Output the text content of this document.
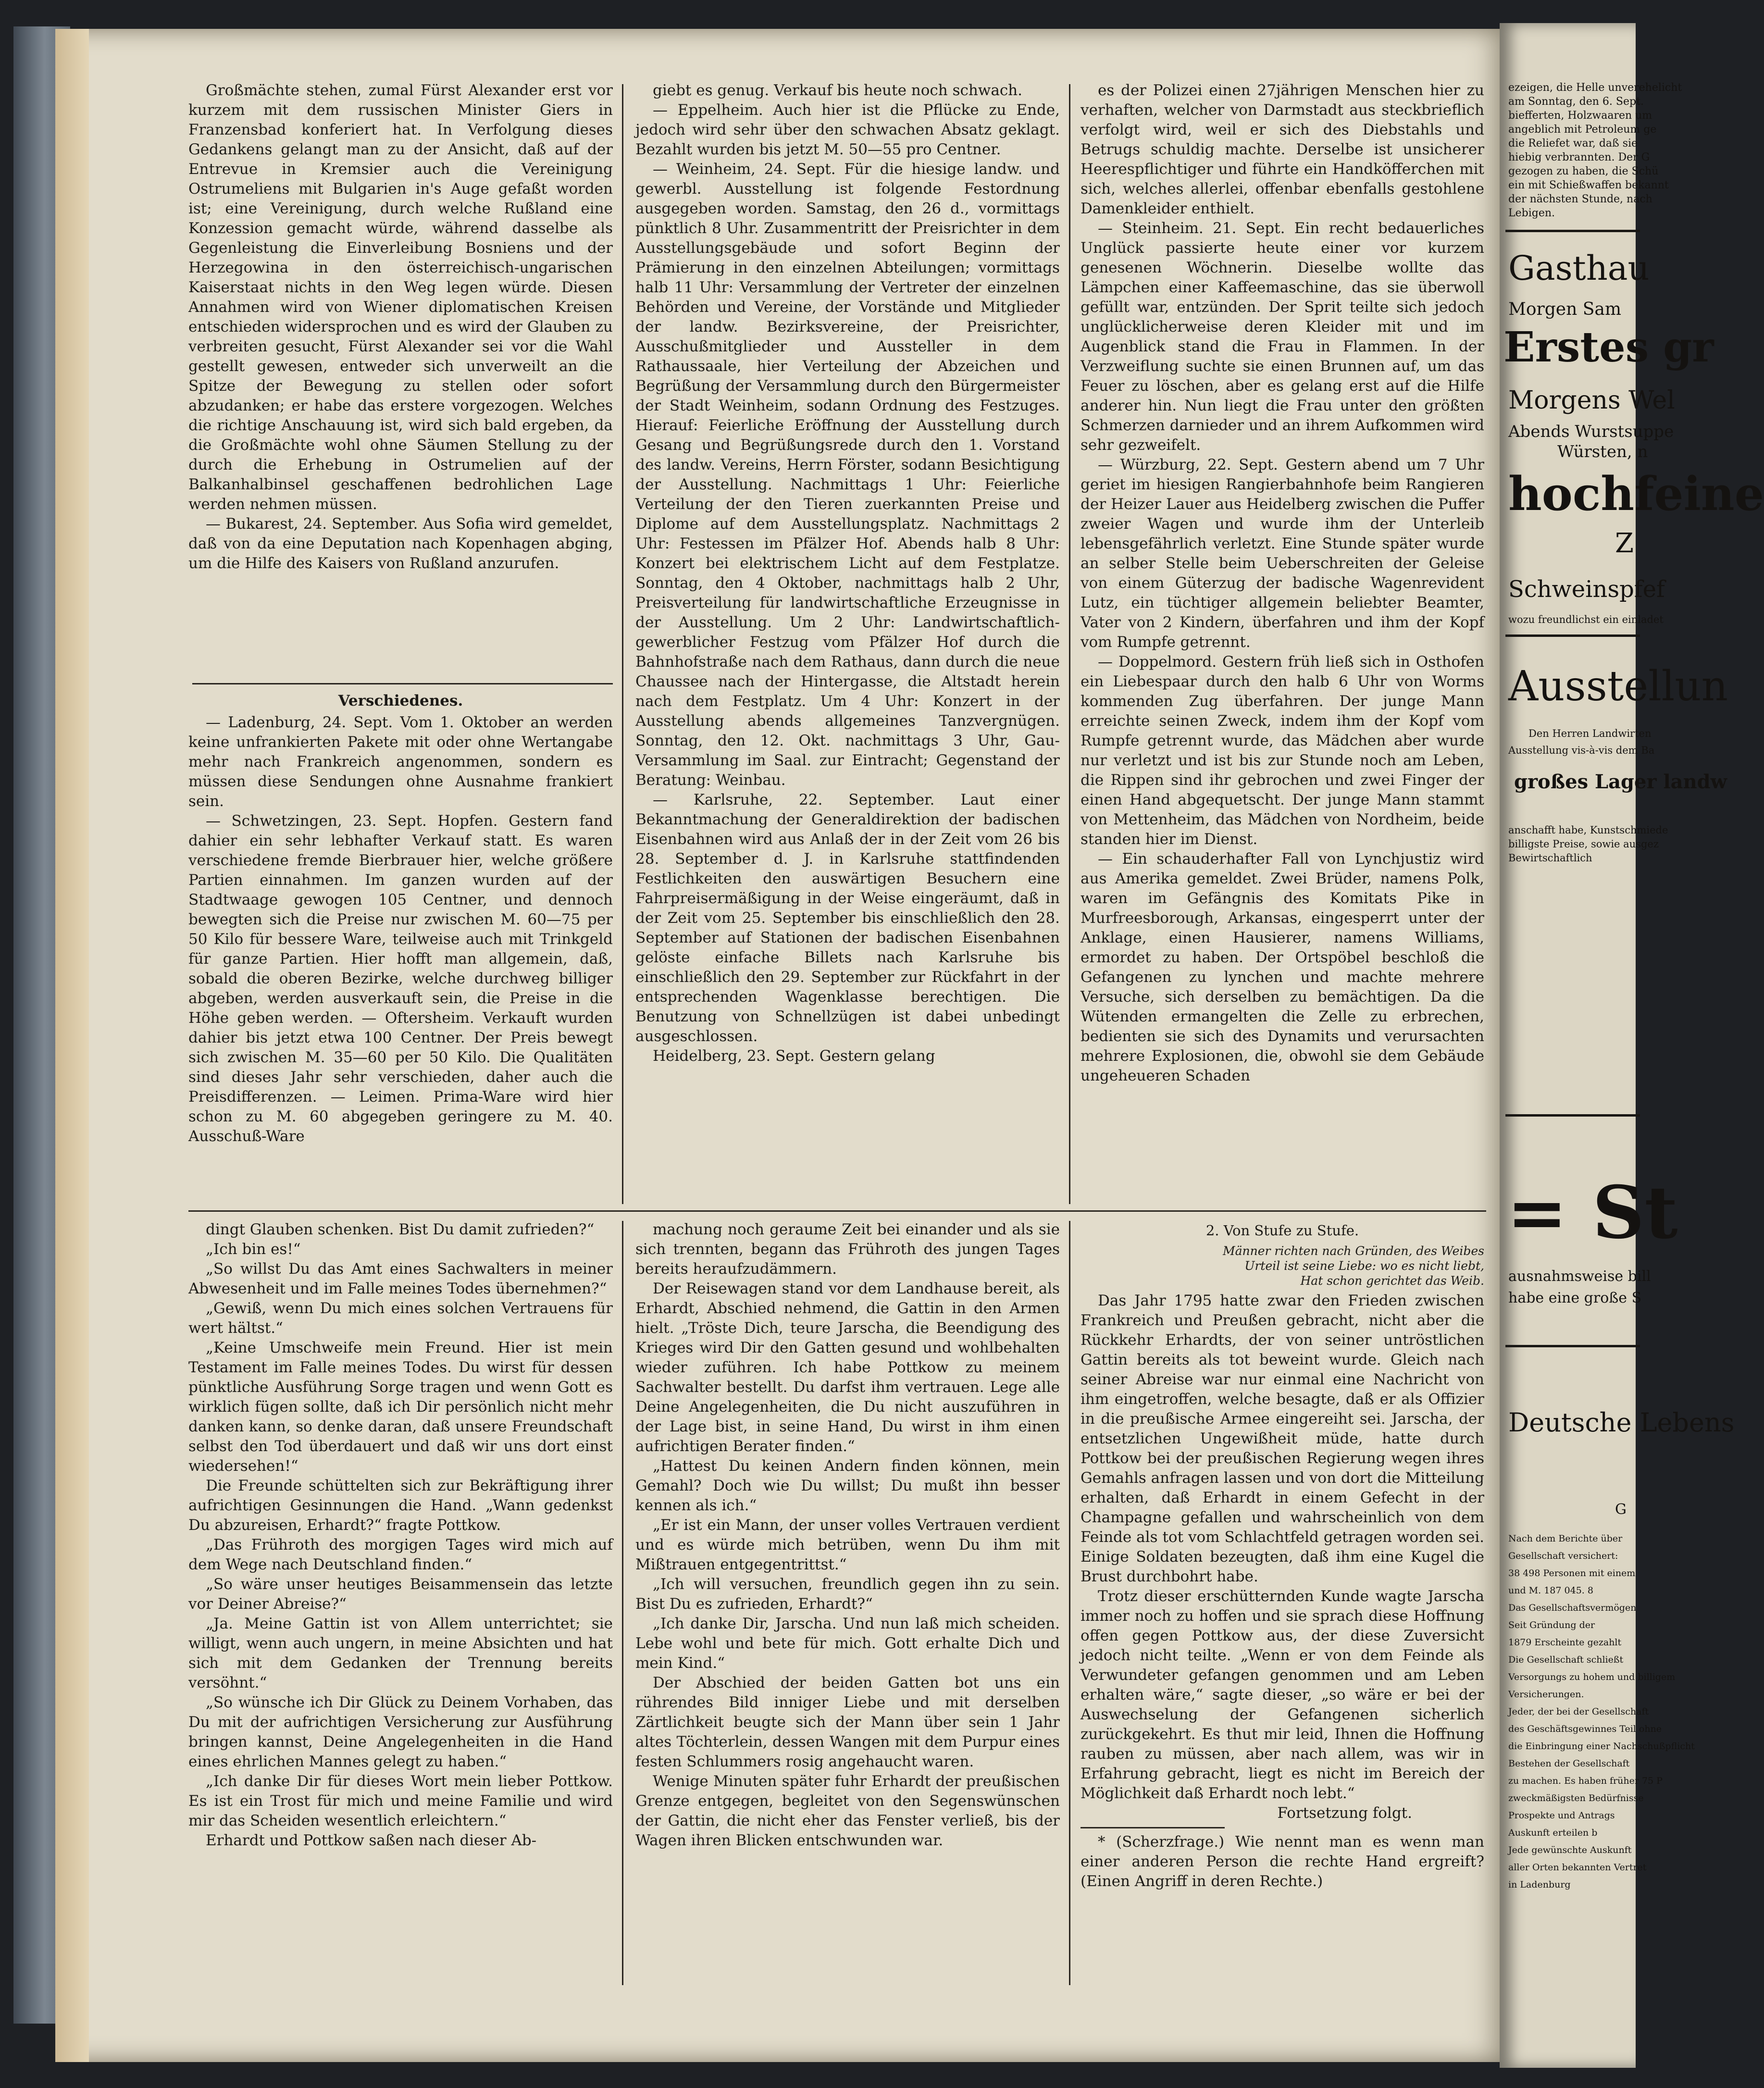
Großmächte stehen, zumal Fürst Alexander erst vor kurzem mit dem russischen Minister Giers in Franzensbad konferiert hat. In Verfolgung dieses Gedankens gelangt man zu der Ansicht, daß auf der Entrevue in Kremsier auch die Vereinigung Ostrumeliens mit Bulgarien in's Auge gefaßt worden ist; eine Vereinigung, durch welche Rußland eine Konzession gemacht würde, während dasselbe als Gegenleistung die Einverleibung Bosniens und der Herzegowina in den österreichisch-ungarischen Kaiserstaat nichts in den Weg legen würde. Diesen Annahmen wird von Wiener diplomatischen Kreisen entschieden widersprochen und es wird der Glauben zu verbreiten gesucht, Fürst Alexander sei vor die Wahl gestellt gewesen, entweder sich unverweilt an die Spitze der Bewegung zu stellen oder sofort abzudanken; er habe das erstere vorgezogen. Welches die richtige Anschauung ist, wird sich bald ergeben, da die Großmächte wohl ohne Säumen Stellung zu der durch die Erhebung in Ostrumelien auf der Balkanhalbinsel geschaffenen bedrohlichen Lage werden nehmen müssen.

— Bukarest, 24. September. Aus Sofia wird gemeldet, daß von da eine Deputation nach Kopenhagen abging, um die Hilfe des Kaisers von Rußland anzurufen.

Verschiedenes.

— Ladenburg, 24. Sept. Vom 1. Oktober an werden keine unfrankierten Pakete mit oder ohne Wertangabe mehr nach Frankreich angenommen, sondern es müssen diese Sendungen ohne Ausnahme frankiert sein.

— Schwetzingen, 23. Sept. Hopfen. Gestern fand dahier ein sehr lebhafter Verkauf statt. Es waren verschiedene fremde Bierbrauer hier, welche größere Partien einnahmen. Im ganzen wurden auf der Stadtwaage gewogen 105 Centner, und dennoch bewegten sich die Preise nur zwischen M. 60—75 per 50 Kilo für bessere Ware, teilweise auch mit Trinkgeld für ganze Partien. Hier hofft man allgemein, daß, sobald die oberen Bezirke, welche durchweg billiger abgeben, werden ausverkauft sein, die Preise in die Höhe geben werden. — Oftersheim. Verkauft wurden dahier bis jetzt etwa 100 Centner. Der Preis bewegt sich zwischen M. 35—60 per 50 Kilo. Die Qualitäten sind dieses Jahr sehr verschieden, daher auch die Preisdifferenzen. — Leimen. Prima-Ware wird hier schon zu M. 60 abgegeben geringere zu M. 40. Ausschuß-Ware

giebt es genug. Verkauf bis heute noch schwach.

— Eppelheim. Auch hier ist die Pflücke zu Ende, jedoch wird sehr über den schwachen Absatz geklagt. Bezahlt wurden bis jetzt M. 50—55 pro Centner.

— Weinheim, 24. Sept. Für die hiesige landw. und gewerbl. Ausstellung ist folgende Festordnung ausgegeben worden. Samstag, den 26 d., vormittags pünktlich 8 Uhr. Zusammentritt der Preisrichter in dem Ausstellungsgebäude und sofort Beginn der Prämierung in den einzelnen Abteilungen; vormittags halb 11 Uhr: Versammlung der Vertreter der einzelnen Behörden und Vereine, der Vorstände und Mitglieder der landw. Bezirksvereine, der Preisrichter, Ausschußmitglieder und Aussteller in dem Rathaussaale, hier Verteilung der Abzeichen und Begrüßung der Versammlung durch den Bürgermeister der Stadt Weinheim, sodann Ordnung des Festzuges. Hierauf: Feierliche Eröffnung der Ausstellung durch Gesang und Begrüßungsrede durch den 1. Vorstand des landw. Vereins, Herrn Förster, sodann Besichtigung der Ausstellung. Nachmittags 1 Uhr: Feierliche Verteilung der den Tieren zuerkannten Preise und Diplome auf dem Ausstellungsplatz. Nachmittags 2 Uhr: Festessen im Pfälzer Hof. Abends halb 8 Uhr: Konzert bei elektrischem Licht auf dem Festplatze. Sonntag, den 4 Oktober, nachmittags halb 2 Uhr, Preisverteilung für landwirtschaftliche Erzeugnisse in der Ausstellung. Um 2 Uhr: Landwirtschaftlich-gewerblicher Festzug vom Pfälzer Hof durch die Bahnhofstraße nach dem Rathaus, dann durch die neue Chaussee nach der Hintergasse, die Altstadt herein nach dem Festplatz. Um 4 Uhr: Konzert in der Ausstellung abends allgemeines Tanzvergnügen. Sonntag, den 12. Okt. nachmittags 3 Uhr, Gau-Versammlung im Saal. zur Eintracht; Gegenstand der Beratung: Weinbau.

— Karlsruhe, 22. September. Laut einer Bekanntmachung der Generaldirektion der badischen Eisenbahnen wird aus Anlaß der in der Zeit vom 26 bis 28. September d. J. in Karlsruhe stattfindenden Festlichkeiten den auswärtigen Besuchern eine Fahrpreisermäßigung in der Weise eingeräumt, daß in der Zeit vom 25. September bis einschließlich den 28. September auf Stationen der badischen Eisenbahnen gelöste einfache Billets nach Karlsruhe bis einschließlich den 29. September zur Rückfahrt in der entsprechenden Wagenklasse berechtigen. Die Benutzung von Schnellzügen ist dabei unbedingt ausgeschlossen.

Heidelberg, 23. Sept. Gestern gelang

es der Polizei einen 27jährigen Menschen hier zu verhaften, welcher von Darmstadt aus steckbrieflich verfolgt wird, weil er sich des Diebstahls und Betrugs schuldig machte. Derselbe ist unsicherer Heerespflichtiger und führte ein Handköfferchen mit sich, welches allerlei, offenbar ebenfalls gestohlene Damenkleider enthielt.

— Steinheim. 21. Sept. Ein recht bedauerliches Unglück passierte heute einer vor kurzem genesenen Wöchnerin. Dieselbe wollte das Lämpchen einer Kaffeemaschine, das sie überwoll gefüllt war, entzünden. Der Sprit teilte sich jedoch unglücklicherweise deren Kleider mit und im Augenblick stand die Frau in Flammen. In der Verzweiflung suchte sie einen Brunnen auf, um das Feuer zu löschen, aber es gelang erst auf die Hilfe anderer hin. Nun liegt die Frau unter den größten Schmerzen darnieder und an ihrem Aufkommen wird sehr gezweifelt.

— Würzburg, 22. Sept. Gestern abend um 7 Uhr geriet im hiesigen Rangierbahnhofe beim Rangieren der Heizer Lauer aus Heidelberg zwischen die Puffer zweier Wagen und wurde ihm der Unterleib lebensgefährlich verletzt. Eine Stunde später wurde an selber Stelle beim Ueberschreiten der Geleise von einem Güterzug der badische Wagenrevident Lutz, ein tüchtiger allgemein beliebter Beamter, Vater von 2 Kindern, überfahren und ihm der Kopf vom Rumpfe getrennt.

— Doppelmord. Gestern früh ließ sich in Osthofen ein Liebespaar durch den halb 6 Uhr von Worms kommenden Zug überfahren. Der junge Mann erreichte seinen Zweck, indem ihm der Kopf vom Rumpfe getrennt wurde, das Mädchen aber wurde nur verletzt und ist bis zur Stunde noch am Leben, die Rippen sind ihr gebrochen und zwei Finger der einen Hand abgequetscht. Der junge Mann stammt von Mettenheim, das Mädchen von Nordheim, beide standen hier im Dienst.

— Ein schauderhafter Fall von Lynchjustiz wird aus Amerika gemeldet. Zwei Brüder, namens Polk, waren im Gefängnis des Komitats Pike in Murfreesborough, Arkansas, eingesperrt unter der Anklage, einen Hausierer, namens Williams, ermordet zu haben. Der Ortspöbel beschloß die Gefangenen zu lynchen und machte mehrere Versuche, sich derselben zu bemächtigen. Da die Wütenden ermangelten die Zelle zu erbrechen, bedienten sie sich des Dynamits und verursachten mehrere Explosionen, die, obwohl sie dem Gebäude ungeheueren Schaden

dingt Glauben schenken. Bist Du damit zufrieden?“

„Ich bin es!“

„So willst Du das Amt eines Sachwalters in meiner Abwesenheit und im Falle meines Todes übernehmen?“

„Gewiß, wenn Du mich eines solchen Vertrauens für wert hältst.“

„Keine Umschweife mein Freund. Hier ist mein Testament im Falle meines Todes. Du wirst für dessen pünktliche Ausführung Sorge tragen und wenn Gott es wirklich fügen sollte, daß ich Dir persönlich nicht mehr danken kann, so denke daran, daß unsere Freundschaft selbst den Tod überdauert und daß wir uns dort einst wiedersehen!“

Die Freunde schüttelten sich zur Bekräftigung ihrer aufrichtigen Gesinnungen die Hand. „Wann gedenkst Du abzureisen, Erhardt?“ fragte Pottkow.

„Das Frühroth des morgigen Tages wird mich auf dem Wege nach Deutschland finden.“

„So wäre unser heutiges Beisammensein das letzte vor Deiner Abreise?“

„Ja. Meine Gattin ist von Allem unterrichtet; sie willigt, wenn auch ungern, in meine Absichten und hat sich mit dem Gedanken der Trennung bereits versöhnt.“

„So wünsche ich Dir Glück zu Deinem Vorhaben, das Du mit der aufrichtigen Versicherung zur Ausführung bringen kannst, Deine Angelegenheiten in die Hand eines ehrlichen Mannes gelegt zu haben.“

„Ich danke Dir für dieses Wort mein lieber Pottkow. Es ist ein Trost für mich und meine Familie und wird mir das Scheiden wesentlich erleichtern.“

Erhardt und Pottkow saßen nach dieser Ab-

machung noch geraume Zeit bei einander und als sie sich trennten, begann das Frühroth des jungen Tages bereits heraufzudämmern.

Der Reisewagen stand vor dem Landhause bereit, als Erhardt, Abschied nehmend, die Gattin in den Armen hielt. „Tröste Dich, teure Jarscha, die Beendigung des Krieges wird Dir den Gatten gesund und wohlbehalten wieder zuführen. Ich habe Pottkow zu meinem Sachwalter bestellt. Du darfst ihm vertrauen. Lege alle Deine Angelegenheiten, die Du nicht auszuführen in der Lage bist, in seine Hand, Du wirst in ihm einen aufrichtigen Berater finden.“

„Hattest Du keinen Andern finden können, mein Gemahl? Doch wie Du willst; Du mußt ihn besser kennen als ich.“

„Er ist ein Mann, der unser volles Vertrauen verdient und es würde mich betrüben, wenn Du ihm mit Mißtrauen entgegentrittst.“

„Ich will versuchen, freundlich gegen ihn zu sein. Bist Du es zufrieden, Erhardt?“

„Ich danke Dir, Jarscha. Und nun laß mich scheiden. Lebe wohl und bete für mich. Gott erhalte Dich und mein Kind.“

Der Abschied der beiden Gatten bot uns ein rührendes Bild inniger Liebe und mit derselben Zärtlichkeit beugte sich der Mann über sein 1 Jahr altes Töchterlein, dessen Wangen mit dem Purpur eines festen Schlummers rosig angehaucht waren.

Wenige Minuten später fuhr Erhardt der preußischen Grenze entgegen, begleitet von den Segenswünschen der Gattin, die nicht eher das Fenster verließ, bis der Wagen ihren Blicken entschwunden war.

2. Von Stufe zu Stufe.

Männer richten nach Gründen, des Weibes

Urteil ist seine Liebe: wo es nicht liebt,

Hat schon gerichtet das Weib.

Das Jahr 1795 hatte zwar den Frieden zwischen Frankreich und Preußen gebracht, nicht aber die Rückkehr Erhardts, der von seiner untröstlichen Gattin bereits als tot beweint wurde. Gleich nach seiner Abreise war nur einmal eine Nachricht von ihm eingetroffen, welche besagte, daß er als Offizier in die preußische Armee eingereiht sei. Jarscha, der entsetzlichen Ungewißheit müde, hatte durch Pottkow bei der preußischen Regierung wegen ihres Gemahls anfragen lassen und von dort die Mitteilung erhalten, daß Erhardt in einem Gefecht in der Champagne gefallen und wahrscheinlich von dem Feinde als tot vom Schlachtfeld getragen worden sei. Einige Soldaten bezeugten, daß ihm eine Kugel die Brust durchbohrt habe.

Trotz dieser erschütternden Kunde wagte Jarscha immer noch zu hoffen und sie sprach diese Hoffnung offen gegen Pottkow aus, der diese Zuversicht jedoch nicht teilte. „Wenn er von dem Feinde als Verwundeter gefangen genommen und am Leben erhalten wäre,“ sagte dieser, „so wäre er bei der Auswechselung der Gefangenen sicherlich zurückgekehrt. Es thut mir leid, Ihnen die Hoffnung rauben zu müssen, aber nach allem, was wir in Erfahrung gebracht, liegt es nicht im Bereich der Möglichkeit daß Erhardt noch lebt.“

Fortsetzung folgt.

* (Scherzfrage.) Wie nennt man es wenn man einer anderen Person die rechte Hand ergreift? (Einen Angriff in deren Rechte.)

ezeigen, die Helle unverehelicht
am Sonntag, den 6. Sept.
biefferten, Holzwaaren um
angeblich mit Petroleum ge
die Reliefet war, daß sie
hiebig verbrannten. Der G
gezogen zu haben, die Schü
ein mit Schießwaffen bekannt
der nächsten Stunde, nach
Lebigen.
Gasthau
Morgen Sam
Erstes gr
Morgens Wel
Abends Wurstsuppe
Würsten, n
hochfeine
Z
Schweinspfef
wozu freundlichst ein einladet
Ausstellun
Den Herren Landwirten
Ausstellung vis-à-vis dem Ba
großes Lager landw
anschafft habe, Kunstschmiede
billigste Preise, sowie ausgez
Bewirtschaftlich
= St
ausnahmsweise bill
habe eine große S
Deutsche Lebens
G
Nach dem Berichte über
Gesellschaft versichert:
38 498 Personen mit einem
und M. 187 045. 8
Das Gesellschaftsvermögen
Seit Gründung der
1879 Erscheinte gezahlt
Die Gesellschaft schließt
Versorgungs zu hohem und billigem
Versicherungen.
Jeder, der bei der Gesellschaft
des Geschäftsgewinnes Teil ohne
die Einbringung einer Nachschußpflicht
Bestehen der Gesellschaft
zu machen. Es haben früher 75 P
zweckmäßigsten Bedürfnisse
Prospekte und Antrags
Auskunft erteilen b
Jede gewünschte Auskunft
aller Orten bekannten Vertret
in Ladenburg
